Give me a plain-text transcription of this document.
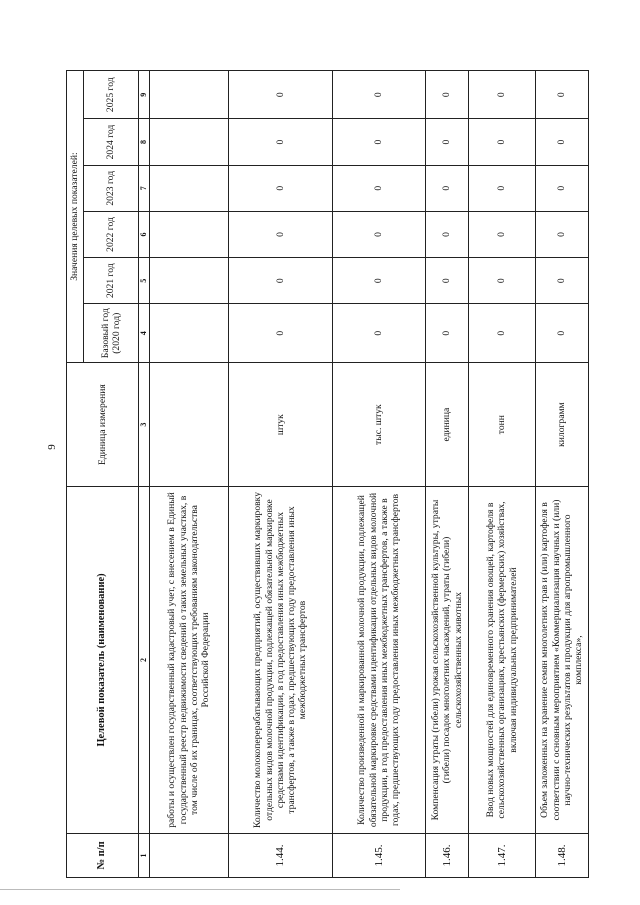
9
№ п/п	Целевой показатель (наименование)	Единица измерения	Значения целевых показателей:					
			Базовый год (2020 год)	2021 год	2022 год	2023 год	2024 год	2025 год
1	2	3	4	5	6	7	8	9
	работы и осуществлен государственный кадастровый учет, с внесением в Единый государственный реестр недвижимости сведений о таких земельных участках, в том числе об их границах, соответствующих требованиям законодательства Российской Федерации							
1.44.	Количество молокоперерабатывающих предприятий, осуществивших маркировку отдельных видов молочной продукции, подлежащей обязательной маркировке средствами идентификации, в год предоставления иных межбюджетных трансфертов, а также в годах, предшествующих году предоставления иных межбюджетных трансфертов	штук	0	0	0	0	0	0
1.45.	Количество произведенной и маркированной молочной продукции, подлежащей обязательной маркировке средствами идентификации отдельных видов молочной продукции, в год предоставления иных межбюджетных трансфертов, а также в годах, предшествующих году предоставления иных межбюджетных трансфертов	тыс. штук	0	0	0	0	0	0
1.46.	Компенсация утраты (гибели) урожая сельскохозяйственной культуры, утраты (гибели) посадок многолетних насаждений, утраты (гибели) сельскохозяйственных животных	единица	0	0	0	0	0	0
1.47.	Ввод новых мощностей для единовременного хранения овощей, картофеля в сельскохозяйственных организациях, крестьянских (фермерских) хозяйствах, включая индивидуальных предпринимателей	тонн	0	0	0	0	0	0
1.48.	Объем заложенных на хранение семян многолетних трав и (или) картофеля в соответствии с основным мероприятием «Коммерциализация научных и (или) научно-технических результатов и продукции для агропромышленного комплекса»,	килограмм	0	0	0	0	0	0
